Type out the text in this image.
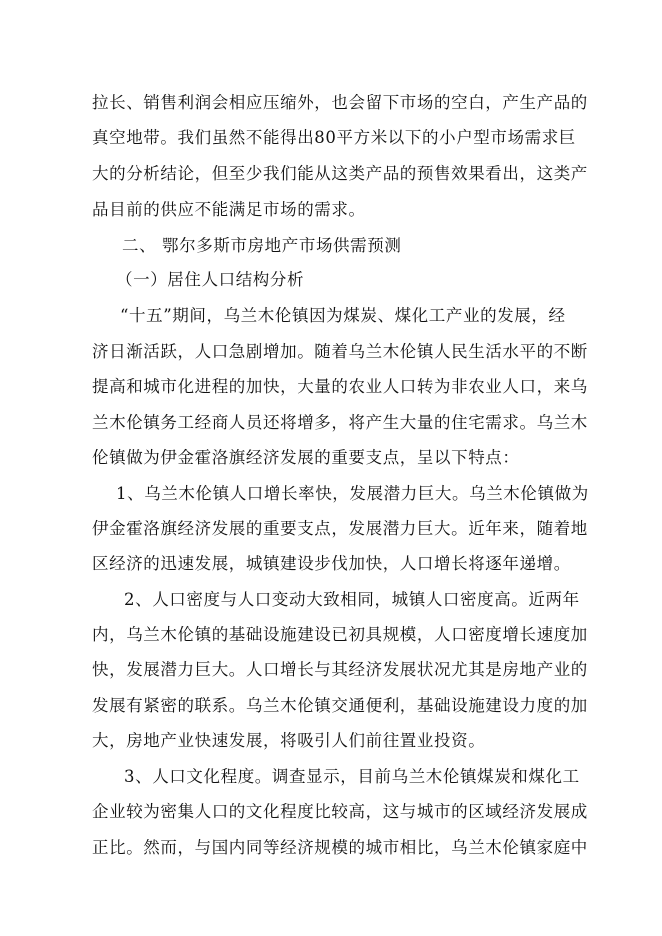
拉长、销售利润会相应压缩外，也会留下市场的空白，产生产品的
真空地带。我们虽然不能得出80平方米以下的小户型市场需求巨
大的分析结论，但至少我们能从这类产品的预售效果看出，这类产
品目前的供应不能满足市场的需求。
二、 鄂尔多斯市房地产市场供需预测
（一）居住人口结构分析
“十五”期间，乌兰木伦镇因为煤炭、煤化工产业的发展，经
济日渐活跃，人口急剧增加。随着乌兰木伦镇人民生活水平的不断
提高和城市化进程的加快，大量的农业人口转为非农业人口，来乌
兰木伦镇务工经商人员还将增多，将产生大量的住宅需求。乌兰木
伦镇做为伊金霍洛旗经济发展的重要支点，呈以下特点：
1、乌兰木伦镇人口增长率快，发展潜力巨大。乌兰木伦镇做为
伊金霍洛旗经济发展的重要支点，发展潜力巨大。近年来，随着地
区经济的迅速发展，城镇建设步伐加快，人口增长将逐年递增。
2、人口密度与人口变动大致相同，城镇人口密度高。近两年
内，乌兰木伦镇的基础设施建设已初具规模，人口密度增长速度加
快，发展潜力巨大。人口增长与其经济发展状况尤其是房地产业的
发展有紧密的联系。乌兰木伦镇交通便利，基础设施建设力度的加
大，房地产业快速发展，将吸引人们前往置业投资。
3、人口文化程度。调查显示，目前乌兰木伦镇煤炭和煤化工
企业较为密集人口的文化程度比较高，这与城市的区域经济发展成
正比。然而，与国内同等经济规模的城市相比，乌兰木伦镇家庭中
